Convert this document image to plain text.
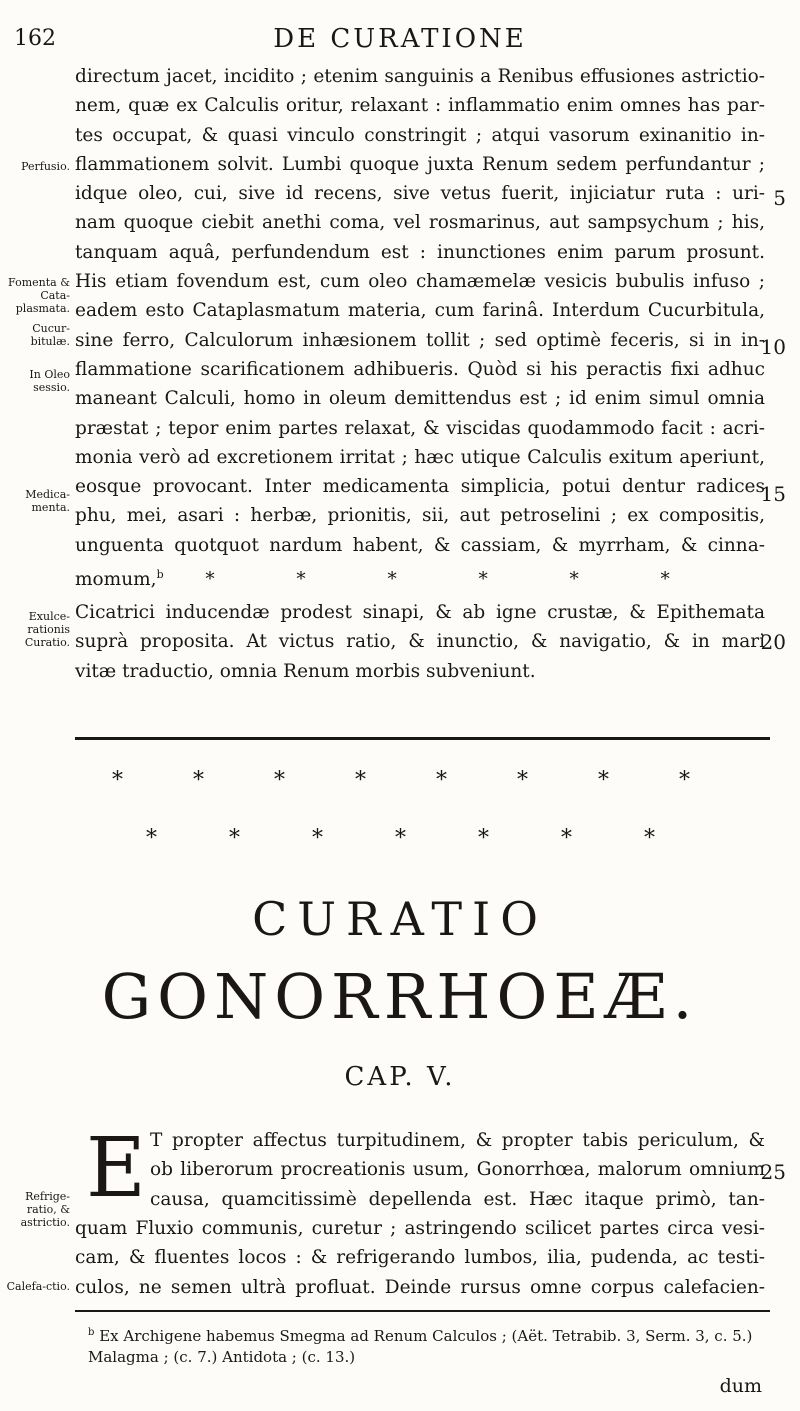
162	DE CURATIONE
directum jacet, incidito ; etenim sanguinis a Renibus effusiones astrictio-
nem, quæ ex Calculis oritur, relaxant : inflammatio enim omnes has par-
tes occupat, & quasi vinculo constringit ; atqui vasorum exinanitio in-
flammationem solvit. Lumbi quoque juxta Renum sedem perfundantur ;
idque oleo, cui, sive id recens, sive vetus fuerit, injiciatur ruta : uri-
nam quoque ciebit anethi coma, vel rosmarinus, aut sampsychum ; his,
tanquam aquâ, perfundendum est : inunctiones enim parum prosunt.
His etiam fovendum est, cum oleo chamæmelæ vesicis bubulis infuso ;
eadem esto Cataplasmatum materia, cum farinâ. Interdum Cucurbitula,
sine ferro, Calculorum inhæsionem tollit ; sed optimè feceris, si in in-
flammatione scarificationem adhibueris. Quòd si his peractis fixi adhuc
maneant Calculi, homo in oleum demittendus est ; id enim simul omnia
præstat ; tepor enim partes relaxat, & viscidas quodammodo facit : acri-
monia verò ad excretionem irritat ; hæc utique Calculis exitum aperiunt,
eosque provocant. Inter medicamenta simplicia, potui dentur radices
phu, mei, asari : herbæ, prionitis, sii, aut petroselini ; ex compositis,
unguenta quotquot nardum habent, & cassiam, & myrrham, & cinna-
momum,$^b$ *	*	*	*	*	*
Cicatrici inducendæ prodest sinapi, & ab igne crustæ, & Epithemata
suprà proposita. At victus ratio, & inunctio, & navigatio, & in mari
vitæ traductio, omnia Renum morbis subveniunt.
Perfusio.
Fomenta & Cata-plasmata.
Cucur-bitulæ.
In Oleo sessio.
Medica-menta.
Exulce-rationis Curatio.
Refrige-ratio, & astrictio.
Calefa-ctio.
5
10
15
20
25
*	*	*	*	*	*	*	*
*	*	*	*	*	*	*
CURATIO
GONORRHOEÆ.
CAP. V.
E T propter affectus turpitudinem, & propter tabis periculum, &
ob liberorum procreationis usum, Gonorrhœa, malorum omnium
causa, quamcitissimè depellenda est. Hæc itaque primò, tan-
quam Fluxio communis, curetur ; astringendo scilicet partes circa vesi-
cam, & fluentes locos : & refrigerando lumbos, ilia, pudenda, ac testi-
culos, ne semen ultrà profluat. Deinde rursus omne corpus calefacien-
$^b$ Ex Archigene habemus Smegma ad Renum Calculos ; (Aët. Tetrabib. 3, Serm. 3, c. 5.)
Malagma ; (c. 7.) Antidota ; (c. 13.)
dum
